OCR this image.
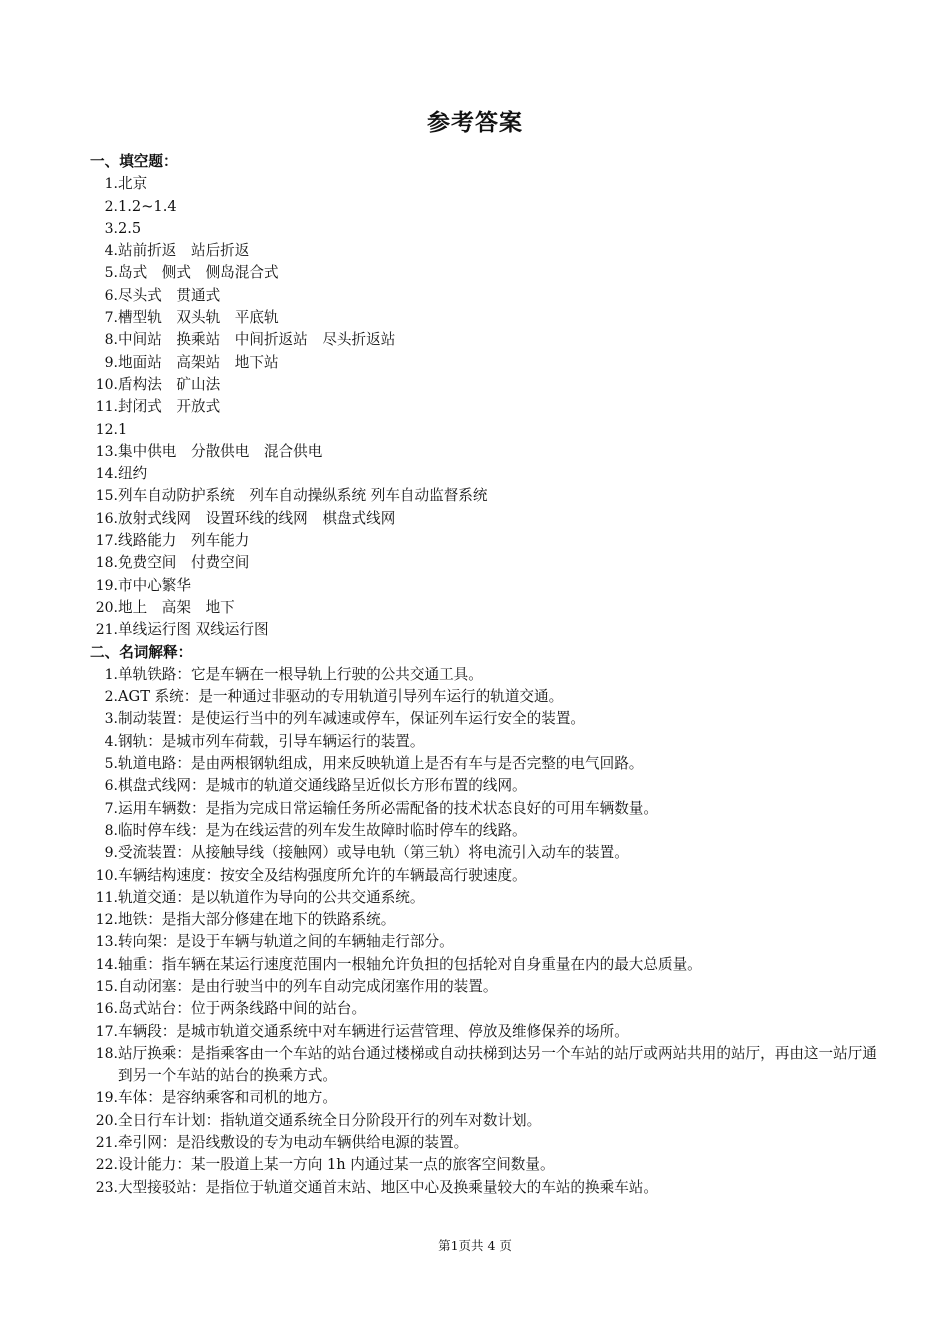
参考答案
一、填空题：
1. 北京
2. 1.2~1.4
3. 2.5
4. 站前折返　站后折返
5. 岛式　侧式　侧岛混合式
6. 尽头式　贯通式
7. 槽型轨　双头轨　平底轨
8. 中间站　换乘站　中间折返站　尽头折返站
9. 地面站　高架站　地下站
10. 盾构法　矿山法
11. 封闭式　开放式
12. 1
13. 集中供电　分散供电　混合供电
14. 纽约
15. 列车自动防护系统　列车自动操纵系统 列车自动监督系统
16. 放射式线网　设置环线的线网　棋盘式线网
17. 线路能力　列车能力
18. 免费空间　付费空间
19. 市中心繁华
20. 地上　高架　地下
21. 单线运行图 双线运行图
二、名词解释：
1. 单轨铁路：它是车辆在一根导轨上行驶的公共交通工具。
2. AGT 系统：是一种通过非驱动的专用轨道引导列车运行的轨道交通。
3. 制动装置：是使运行当中的列车减速或停车，保证列车运行安全的装置。
4. 钢轨：是城市列车荷载，引导车辆运行的装置。
5. 轨道电路：是由两根钢轨组成，用来反映轨道上是否有车与是否完整的电气回路。
6. 棋盘式线网：是城市的轨道交通线路呈近似长方形布置的线网。
7. 运用车辆数：是指为完成日常运输任务所必需配备的技术状态良好的可用车辆数量。
8. 临时停车线：是为在线运营的列车发生故障时临时停车的线路。
9. 受流装置：从接触导线（接触网）或导电轨（第三轨）将电流引入动车的装置。
10. 车辆结构速度：按安全及结构强度所允许的车辆最高行驶速度。
11. 轨道交通：是以轨道作为导向的公共交通系统。
12. 地铁：是指大部分修建在地下的铁路系统。
13. 转向架：是设于车辆与轨道之间的车辆轴走行部分。
14. 轴重：指车辆在某运行速度范围内一根轴允许负担的包括轮对自身重量在内的最大总质量。
15. 自动闭塞：是由行驶当中的列车自动完成闭塞作用的装置。
16. 岛式站台：位于两条线路中间的站台。
17. 车辆段：是城市轨道交通系统中对车辆进行运营管理、停放及维修保养的场所。
18. 站厅换乘：是指乘客由一个车站的站台通过楼梯或自动扶梯到达另一个车站的站厅或两站共用的站厅，再由这一站厅通到另一个车站的站台的换乘方式。
19. 车体：是容纳乘客和司机的地方。
20. 全日行车计划：指轨道交通系统全日分阶段开行的列车对数计划。
21. 牵引网：是沿线敷设的专为电动车辆供给电源的装置。
22. 设计能力：某一股道上某一方向 1h 内通过某一点的旅客空间数量。
23. 大型接驳站：是指位于轨道交通首末站、地区中心及换乘量较大的车站的换乘车站。
第1页共 4 页
